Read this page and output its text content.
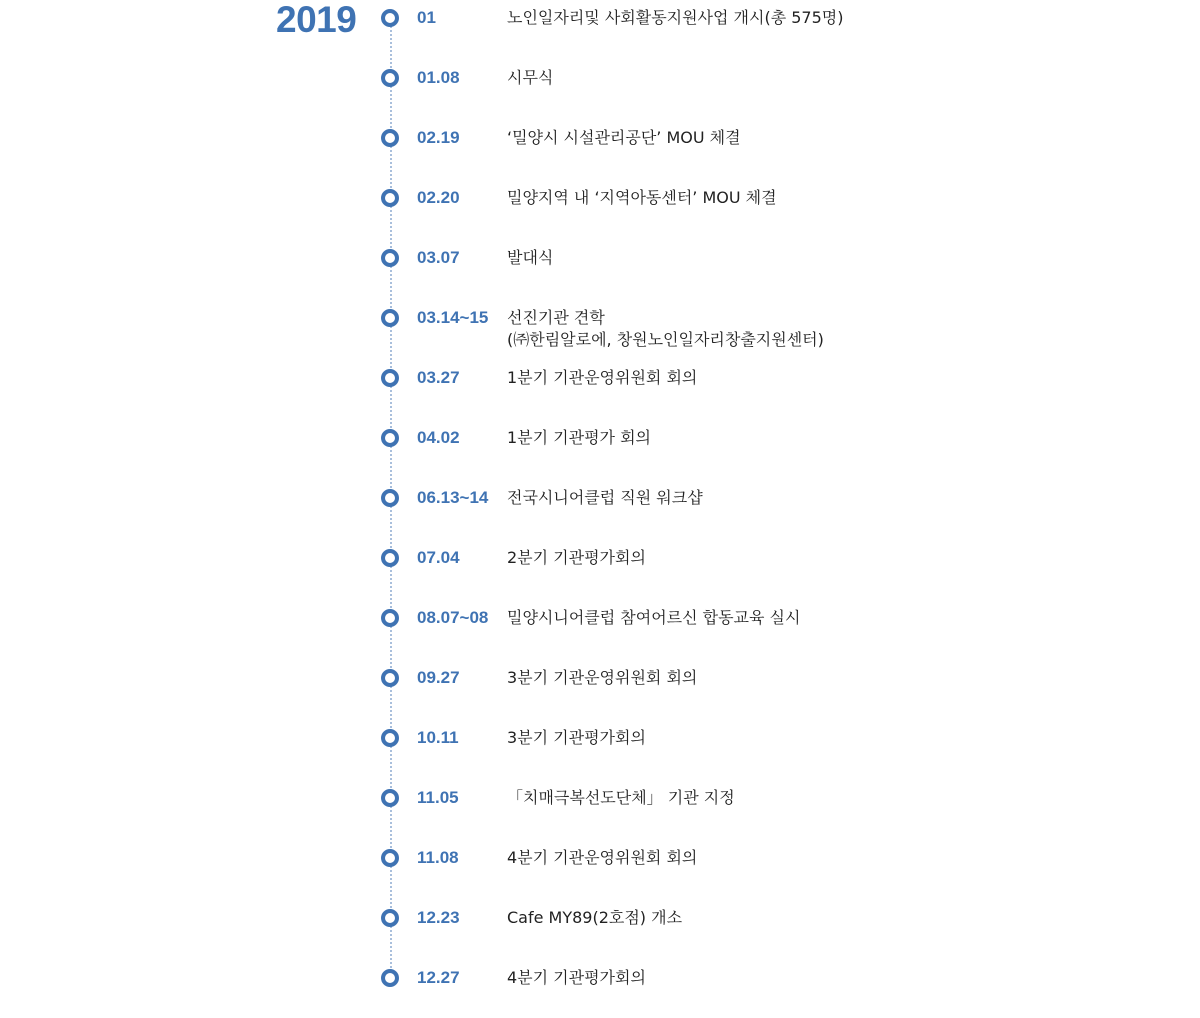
2019	01	노인일자리및 사회활동지원사업 개시(총 575명)
01.08	시무식
02.19	‘밀양시 시설관리공단’ MOU 체결
02.20	밀양지역 내 ‘지역아동센터’ MOU 체결
03.07	발대식
03.14~15 선진기관 견학
(㈜한림알로에, 창원노인일자리창출지원센터)
03.27	1분기 기관운영위원회 회의
04.02	1분기 기관평가 회의
06.13~14 전국시니어클럽 직원 워크샵
07.04	2분기 기관평가회의
08.07~08 밀양시니어클럽 참여어르신 합동교육 실시
09.27	3분기 기관운영위원회 회의
10.11	3분기 기관평가회의
11.05	「치매극복선도단체」 기관 지정
11.08	4분기 기관운영위원회 회의
12.23	Cafe MY89(2호점) 개소
12.27	4분기 기관평가회의
